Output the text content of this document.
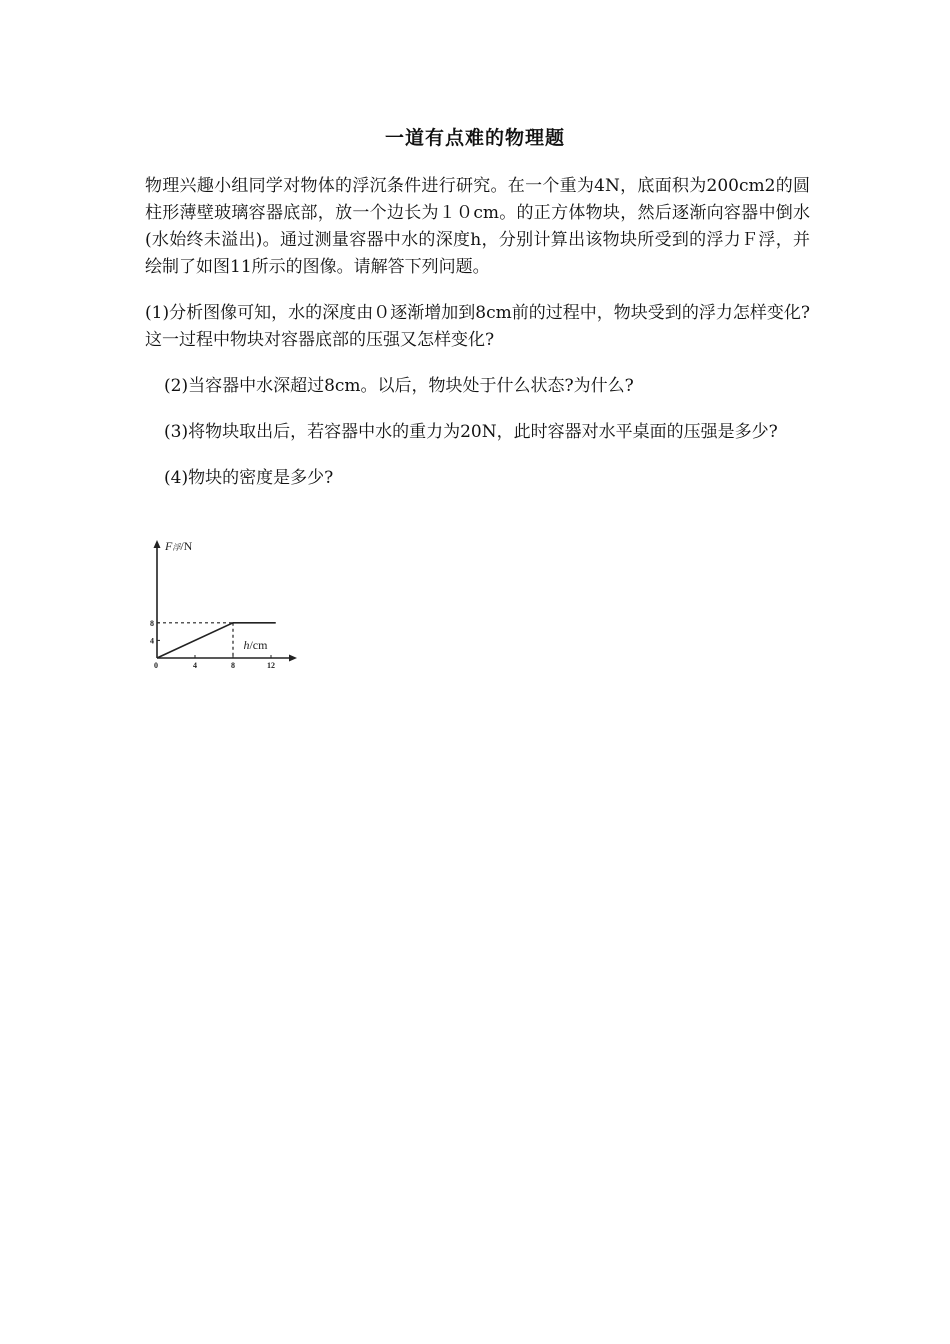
一道有点难的物理题

物理兴趣小组同学对物体的浮沉条件进行研究。在一个重为4N，底面积为200cm2的圆柱形薄壁玻璃容器底部，放一个边长为１０cm。的正方体物块，然后逐渐向容器中倒水(水始终未溢出)。通过测量容器中水的深度h，分别计算出该物块所受到的浮力Ｆ浮，并绘制了如图11所示的图像。请解答下列问题。

(1)分析图像可知，水的深度由０逐渐增加到8cm前的过程中，物块受到的浮力怎样变化?这一过程中物块对容器底部的压强又怎样变化?

(2)当容器中水深超过8cm。以后，物块处于什么状态?为什么?

(3)将物块取出后，若容器中水的重力为20N，此时容器对水平桌面的压强是多少?

(4)物块的密度是多少?

F浮/N
h/cm
0	4	8	12
4
8
